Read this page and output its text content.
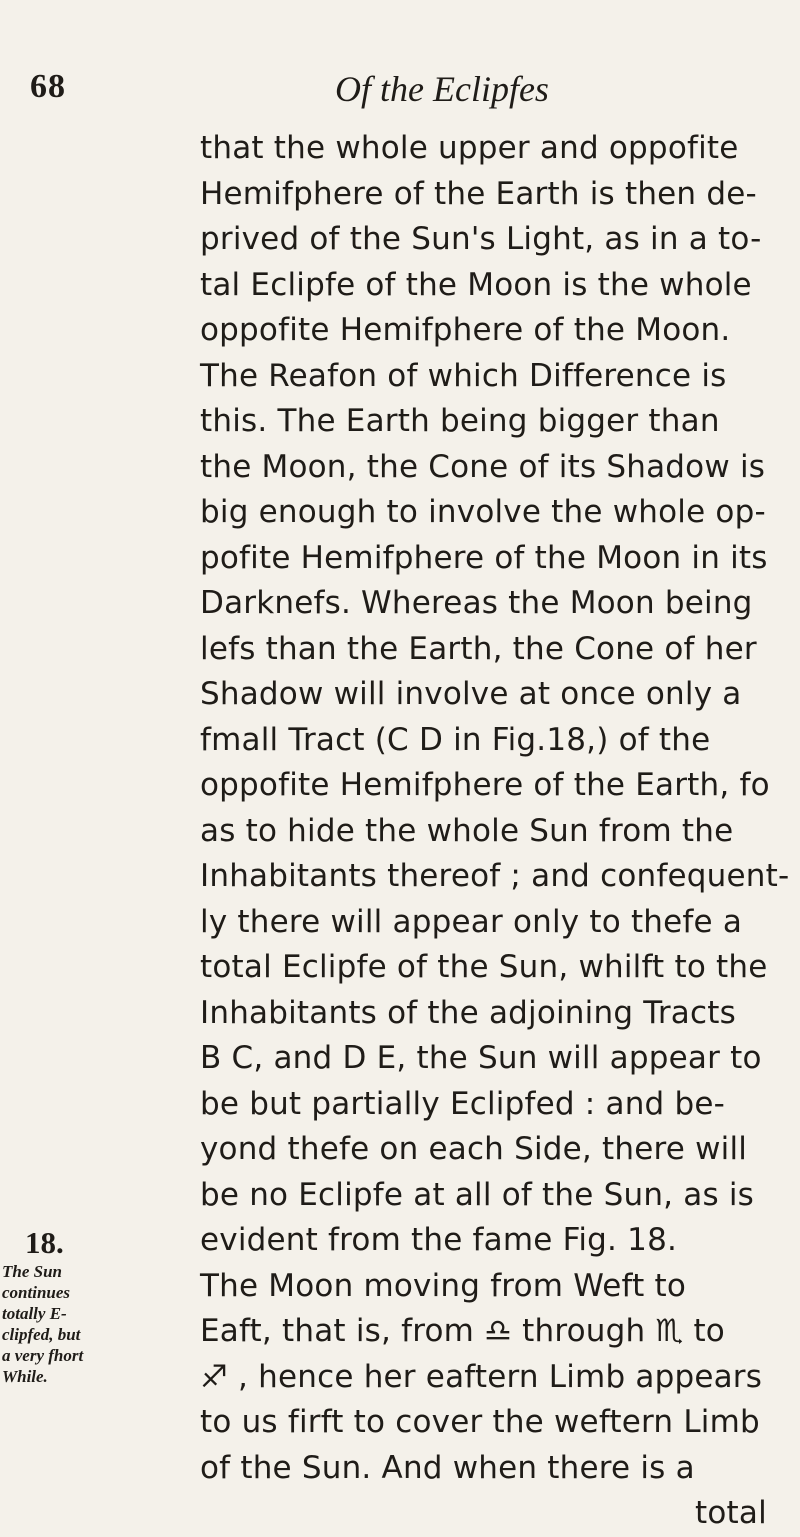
68	Of the Eclipfes
that the whole upper and oppofite
Hemifphere of the Earth is then de-
prived of the Sun's Light, as in a to-
tal Eclipfe of the Moon is the whole
oppofite Hemifphere of the Moon.
The Reafon of which Difference is
this. The Earth being bigger than
the Moon, the Cone of its Shadow is
big enough to involve the whole op-
pofite Hemifphere of the Moon in its
Darknefs. Whereas the Moon being
lefs than the Earth, the Cone of her
Shadow will involve at once only a
fmall Tract (C D in Fig.18,) of the
oppofite Hemifphere of the Earth, fo
as to hide the whole Sun from the
Inhabitants thereof ; and confequent-
ly there will appear only to thefe a
total Eclipfe of the Sun, whilft to the
Inhabitants of the adjoining Tracts
B C, and D E, the Sun will appear to
be but partially Eclipfed : and be-
yond thefe on each Side, there will
be no Eclipfe at all of the Sun, as is
evident from the fame Fig. 18.
The Moon moving from Weft to
Eaft, that is, from ♎ through ♏ to
♐ , hence her eaftern Limb appears
to us firft to cover the weftern Limb
of the Sun. And when there is a
total
18.
The Sun
continues
totally E-
clipfed, but
a very fhort
While.
